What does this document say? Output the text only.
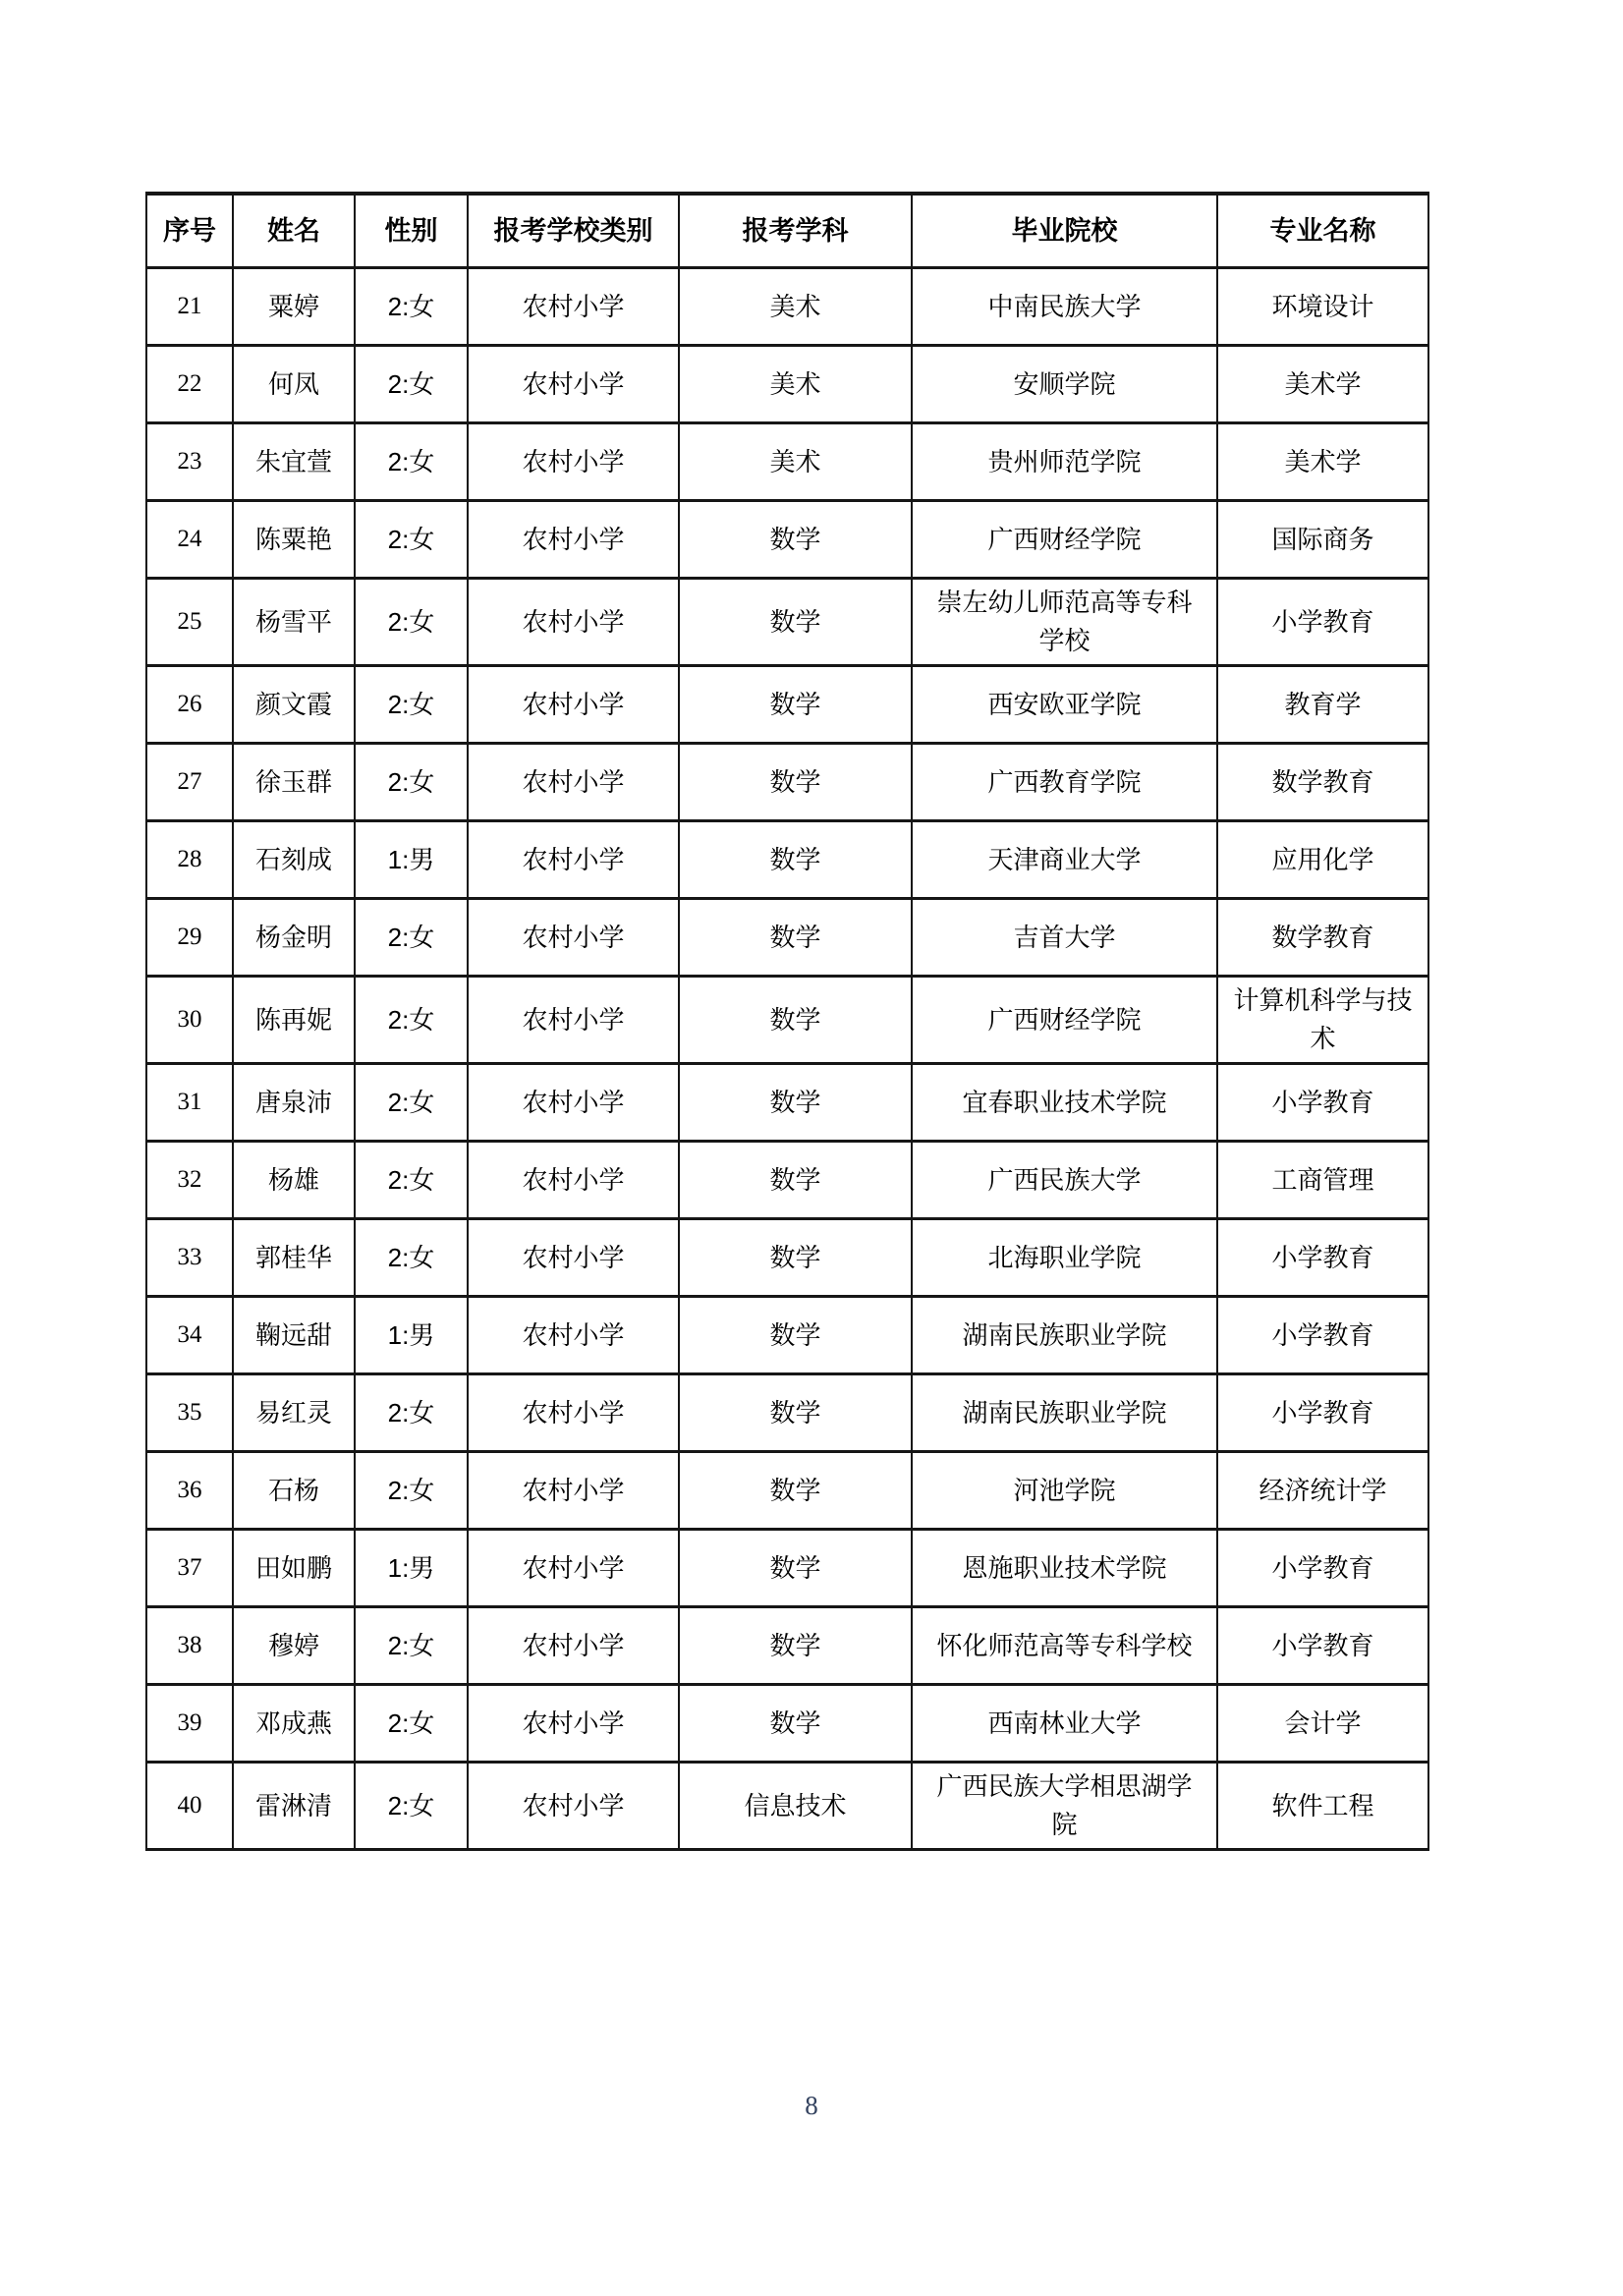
序号	姓名	性别	报考学校类别	报考学科	毕业院校	专业名称
21	粟婷	2:女	农村小学	美术	中南民族大学	环境设计
22	何凤	2:女	农村小学	美术	安顺学院	美术学
23	朱宜萱	2:女	农村小学	美术	贵州师范学院	美术学
24	陈粟艳	2:女	农村小学	数学	广西财经学院	国际商务
25	杨雪平	2:女	农村小学	数学	崇左幼儿师范高等专科学校	小学教育
26	颜文霞	2:女	农村小学	数学	西安欧亚学院	教育学
27	徐玉群	2:女	农村小学	数学	广西教育学院	数学教育
28	石刻成	1:男	农村小学	数学	天津商业大学	应用化学
29	杨金明	2:女	农村小学	数学	吉首大学	数学教育
30	陈再妮	2:女	农村小学	数学	广西财经学院	计算机科学与技术
31	唐泉沛	2:女	农村小学	数学	宜春职业技术学院	小学教育
32	杨雄	2:女	农村小学	数学	广西民族大学	工商管理
33	郭桂华	2:女	农村小学	数学	北海职业学院	小学教育
34	鞠远甜	1:男	农村小学	数学	湖南民族职业学院	小学教育
35	易红灵	2:女	农村小学	数学	湖南民族职业学院	小学教育
36	石杨	2:女	农村小学	数学	河池学院	经济统计学
37	田如鹏	1:男	农村小学	数学	恩施职业技术学院	小学教育
38	穆婷	2:女	农村小学	数学	怀化师范高等专科学校	小学教育
39	邓成燕	2:女	农村小学	数学	西南林业大学	会计学
40	雷淋清	2:女	农村小学	信息技术	广西民族大学相思湖学院	软件工程
8
